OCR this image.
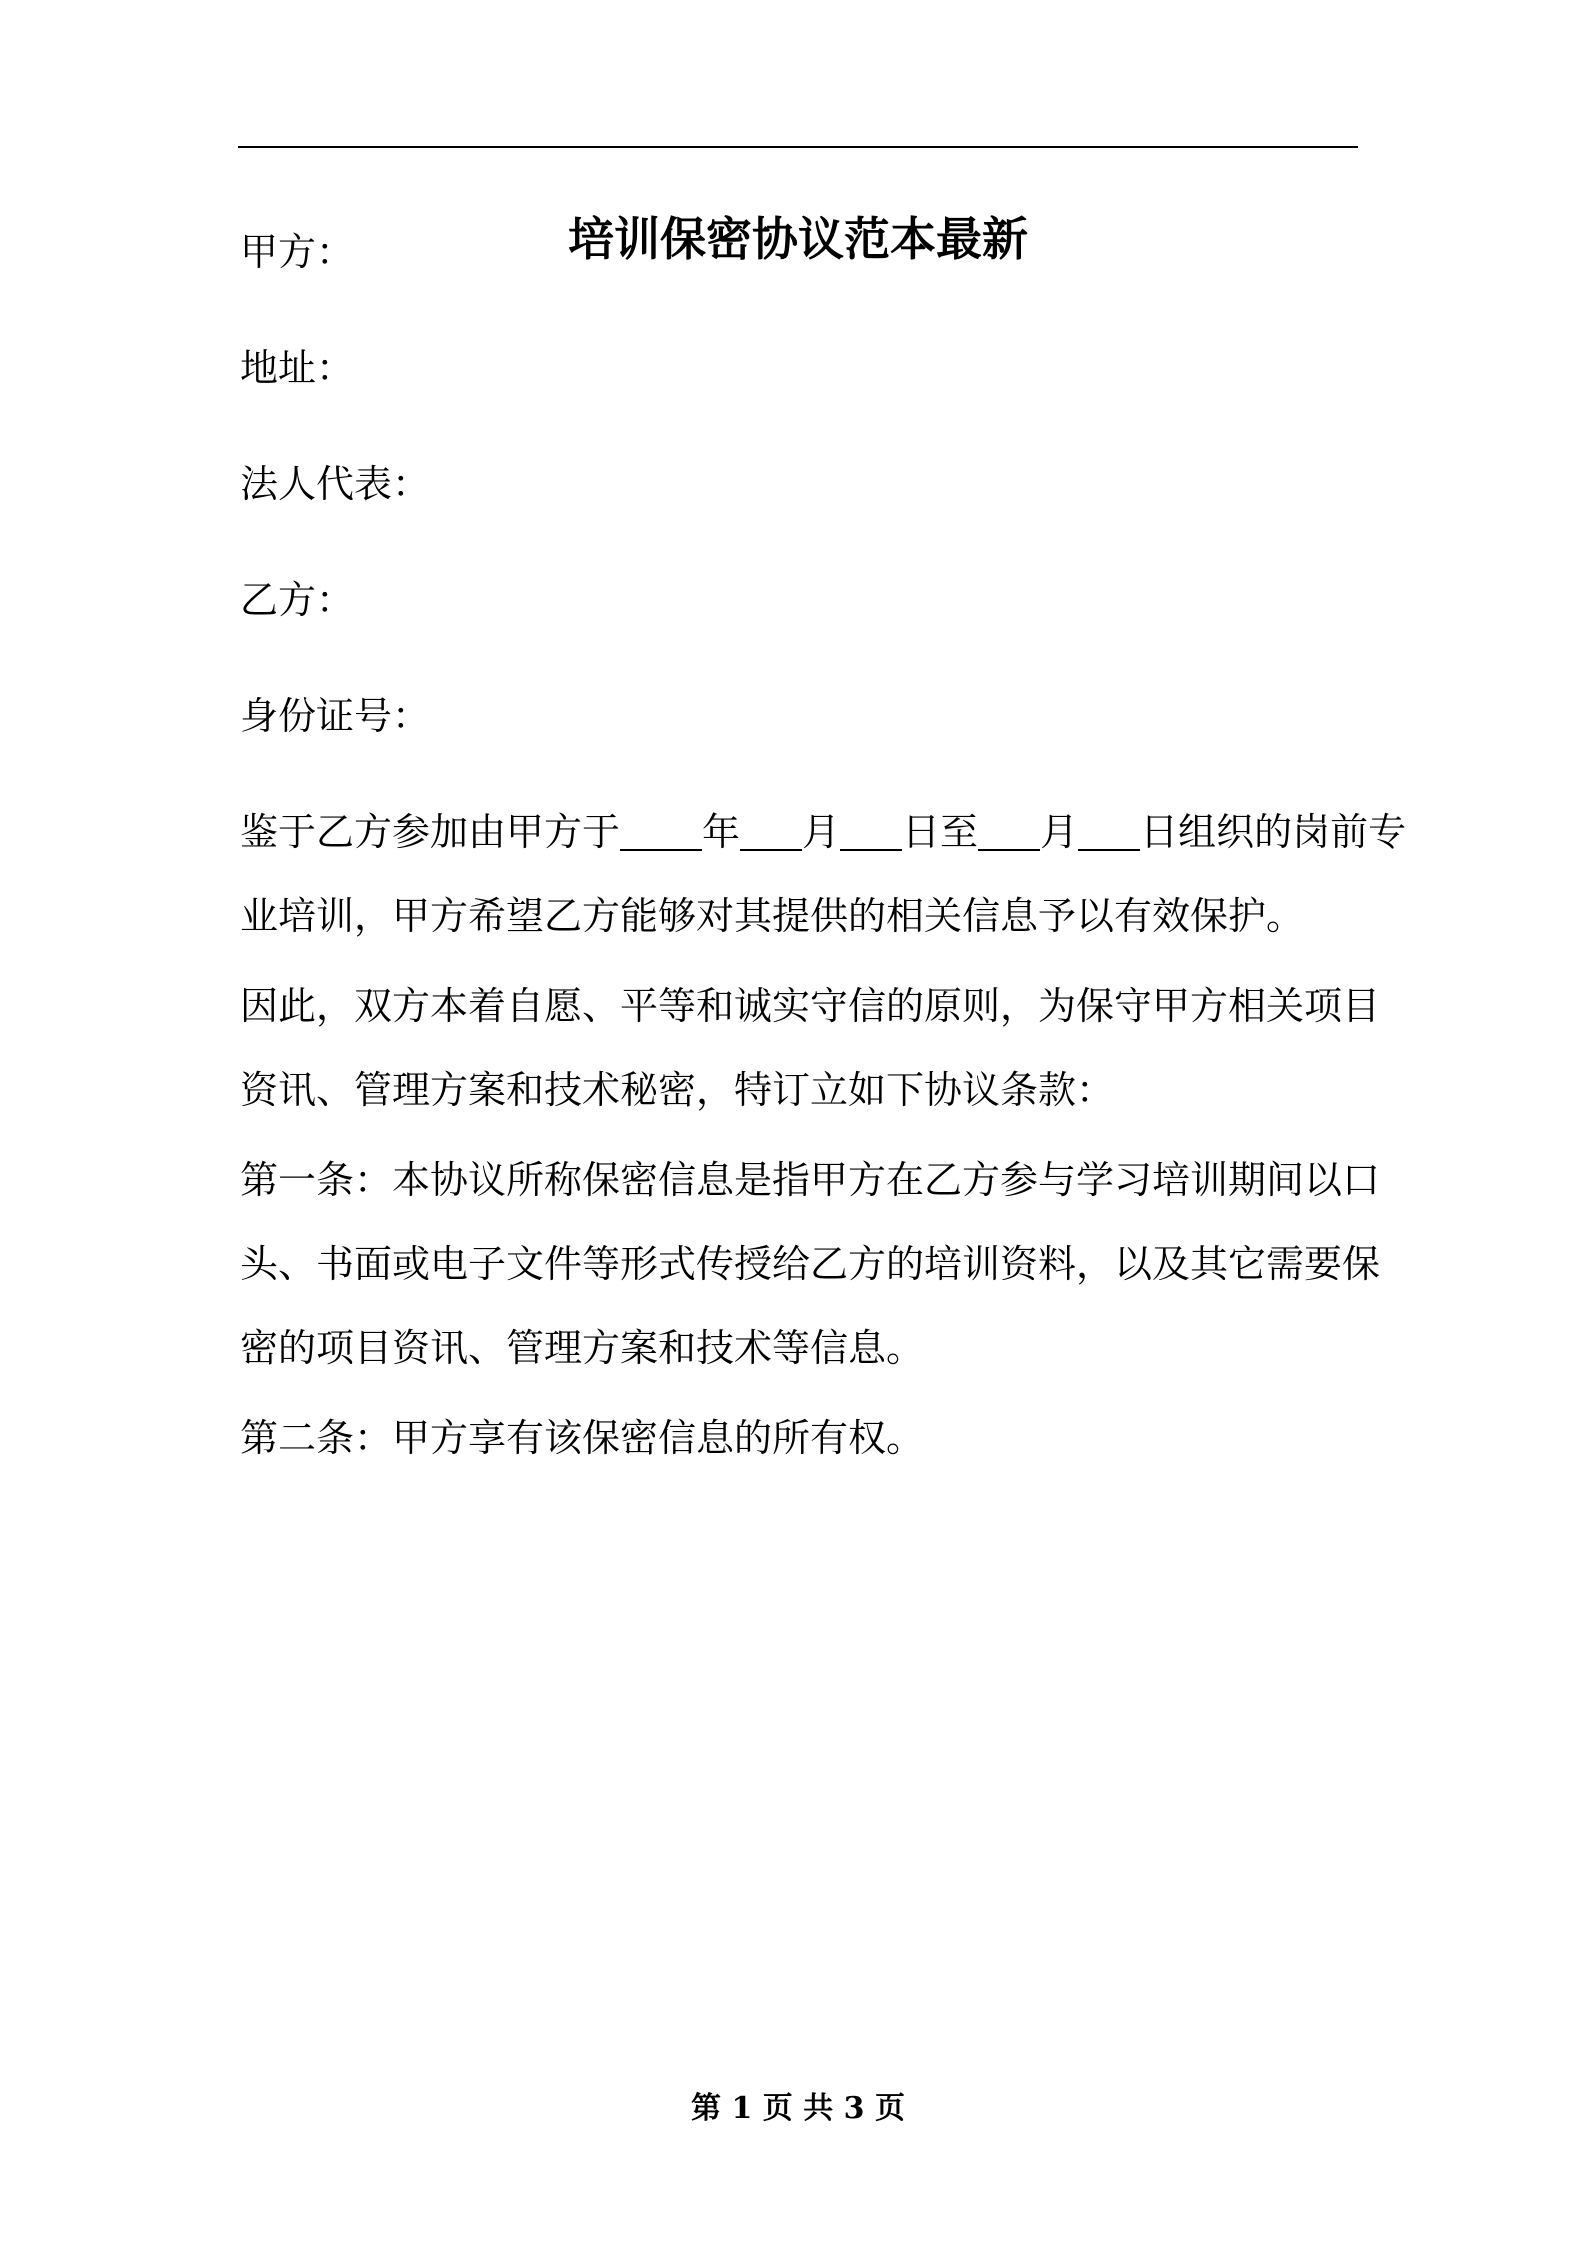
培训保密协议范本最新
甲方：
地址：
法人代表：
乙方：
身份证号：
鉴于乙方参加由甲方于 年 月 日至 月 日组织的岗前专
业培训，甲方希望乙方能够对其提供的相关信息予以有效保护。
因此，双方本着自愿、平等和诚实守信的原则，为保守甲方相关项目
资讯、管理方案和技术秘密，特订立如下协议条款：
第一条：本协议所称保密信息是指甲方在乙方参与学习培训期间以口
头、书面或电子文件等形式传授给乙方的培训资料，以及其它需要保
密的项目资讯、管理方案和技术等信息。
第二条：甲方享有该保密信息的所有权。
第 1 页 共 3 页
